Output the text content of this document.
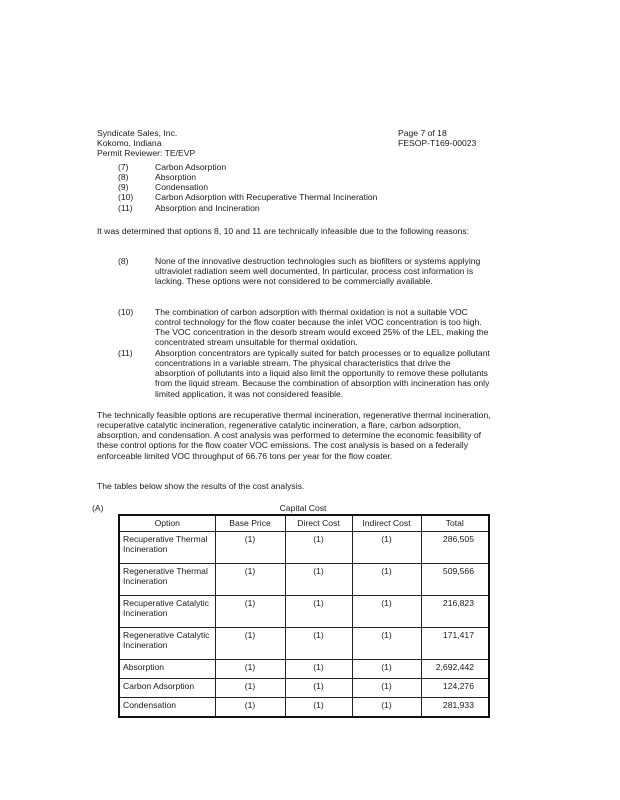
Syndicate Sales, Inc.
Kokomo, Indiana
Permit Reviewer: TE/EVP
Page 7 of 18
FESOP-T169-00023
(7)	Carbon Adsorption
(8)	Absorption
(9)	Condensation
(10)	Carbon Adsorption with Recuperative Thermal Incineration
(11)	Absorption and Incineration
It was determined that options 8, 10 and 11 are technically infeasible due to the following reasons:
(8)	None of the innovative destruction technologies such as biofilters or systems applying ultraviolet radiation seem well documented. In particular, process cost information is lacking. These options were not considered to be commercially available.
(10)	The combination of carbon adsorption with thermal oxidation is not a suitable VOC control technology for the flow coater because the inlet VOC concentration is too high. The VOC concentration in the desorb stream would exceed 25% of the LEL, making the concentrated stream unsuitable for thermal oxidation.
(11)	Absorption concentrators are typically suited for batch processes or to equalize pollutant concentrations in a variable stream. The physical characteristics that drive the absorption of pollutants into a liquid also limit the opportunity to remove these pollutants from the liquid stream. Because the combination of absorption with incineration has only limited application, it was not considered feasible.
The technically feasible options are recuperative thermal incineration, regenerative thermal incineration, recuperative catalytic incineration, regenerative catalytic incineration, a flare, carbon adsorption, absorption, and condensation. A cost analysis was performed to determine the economic feasibility of these control options for the flow coater VOC emissions. The cost analysis is based on a federally enforceable limited VOC throughput of 66.76 tons per year for the flow coater.
The tables below show the results of the cost analysis.
(A)	Capital Cost
Option	Base Price	Direct Cost	Indirect Cost	Total
Recuperative Thermal Incineration	(1)	(1)	(1)	286,505
Regenerative Thermal Incineration	(1)	(1)	(1)	509,566
Recuperative Catalytic Incineration	(1)	(1)	(1)	216,823
Regenerative Catalytic Incineration	(1)	(1)	(1)	171,417
Absorption	(1)	(1)	(1)	2,692,442
Carbon Adsorption	(1)	(1)	(1)	124,276
Condensation	(1)	(1)	(1)	281,933
